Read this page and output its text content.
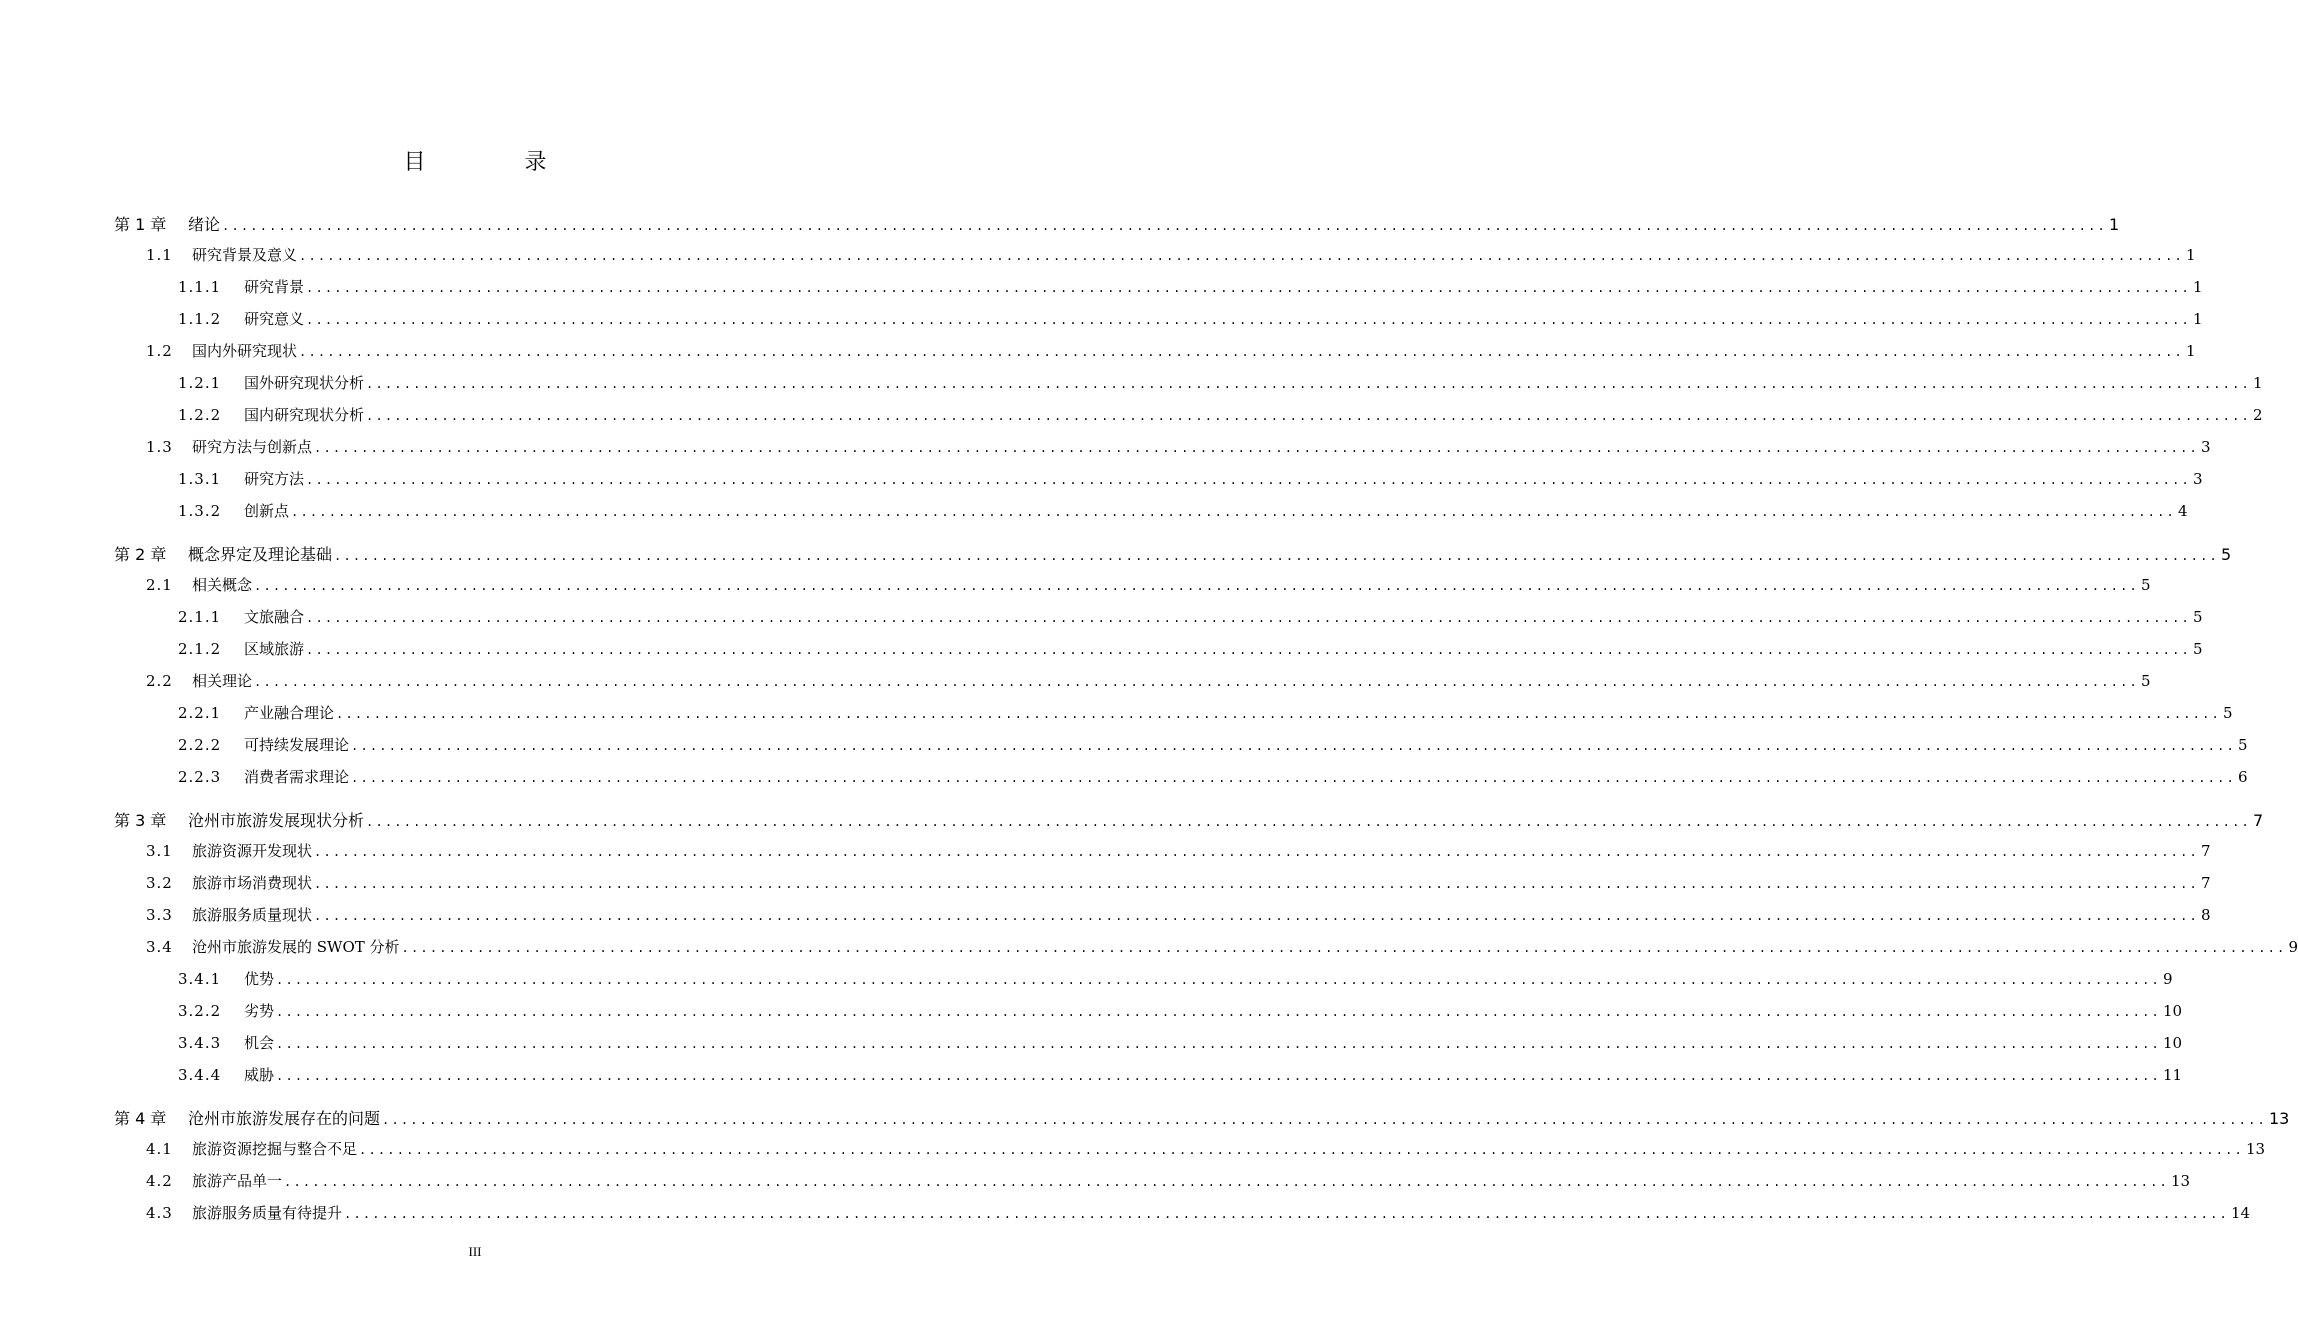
目 录
第 1 章	绪论 ........................................................................................................................................................................................................ 1
1.1	研究背景及意义 ........................................................................................................................................................................................................ 1
1.1.1	研究背景 ........................................................................................................................................................................................................ 1
1.1.2	研究意义 ........................................................................................................................................................................................................ 1
1.2	国内外研究现状 ........................................................................................................................................................................................................ 1
1.2.1	国外研究现状分析 ........................................................................................................................................................................................................ 1
1.2.2	国内研究现状分析 ........................................................................................................................................................................................................ 2
1.3	研究方法与创新点 ........................................................................................................................................................................................................ 3
1.3.1	研究方法 ........................................................................................................................................................................................................ 3
1.3.2	创新点 ........................................................................................................................................................................................................ 4
第 2 章	概念界定及理论基础 ........................................................................................................................................................................................................ 5
2.1	相关概念 ........................................................................................................................................................................................................ 5
2.1.1	文旅融合 ........................................................................................................................................................................................................ 5
2.1.2	区域旅游 ........................................................................................................................................................................................................ 5
2.2	相关理论 ........................................................................................................................................................................................................ 5
2.2.1	产业融合理论 ........................................................................................................................................................................................................ 5
2.2.2	可持续发展理论 ........................................................................................................................................................................................................ 5
2.2.3	消费者需求理论 ........................................................................................................................................................................................................ 6
第 3 章	沧州市旅游发展现状分析 ........................................................................................................................................................................................................ 7
3.1	旅游资源开发现状 ........................................................................................................................................................................................................ 7
3.2	旅游市场消费现状 ........................................................................................................................................................................................................ 7
3.3	旅游服务质量现状 ........................................................................................................................................................................................................ 8
3.4	沧州市旅游发展的 SWOT 分析 ........................................................................................................................................................................................................ 9
3.4.1	优势 ........................................................................................................................................................................................................ 9
3.2.2	劣势 ........................................................................................................................................................................................................ 10
3.4.3	机会 ........................................................................................................................................................................................................ 10
3.4.4	威胁 ........................................................................................................................................................................................................ 11
第 4 章	沧州市旅游发展存在的问题 ........................................................................................................................................................................................................ 13
4.1	旅游资源挖掘与整合不足 ........................................................................................................................................................................................................ 13
4.2	旅游产品单一 ........................................................................................................................................................................................................ 13
4.3	旅游服务质量有待提升 ........................................................................................................................................................................................................ 14
III
